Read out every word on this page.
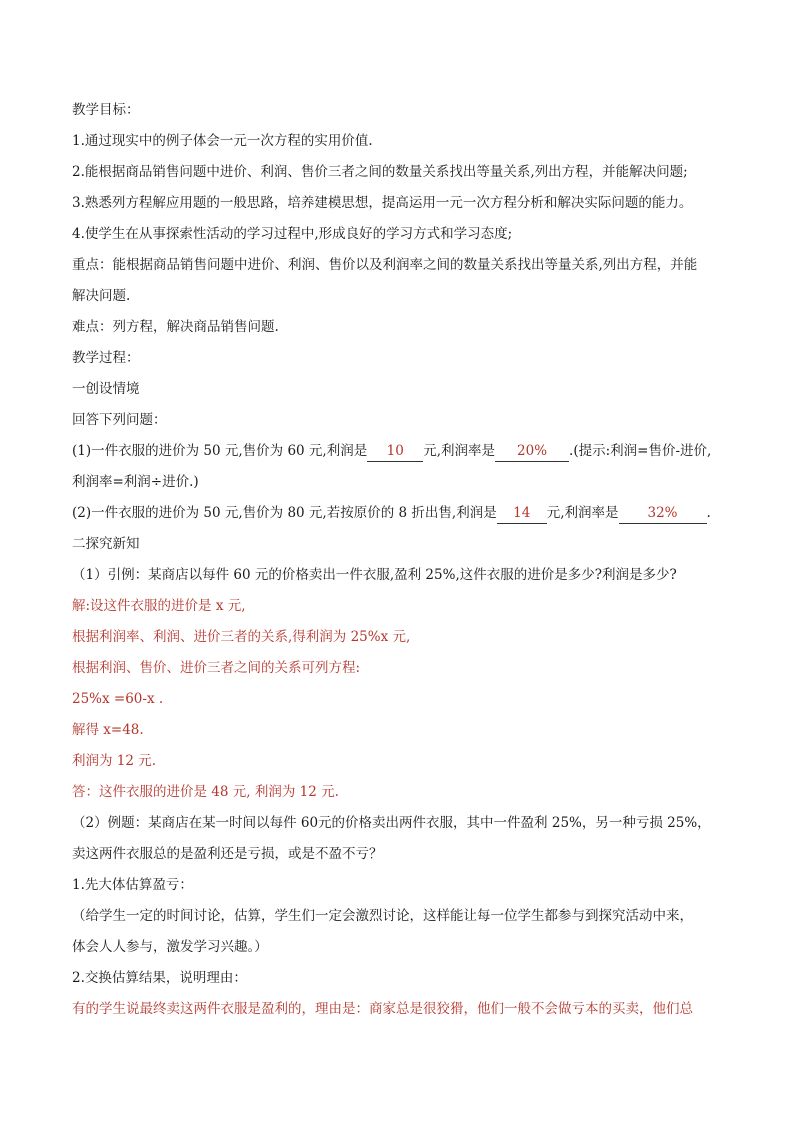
教学目标：
1.通过现实中的例子体会一元一次方程的实用价值.
2.能根据商品销售问题中进价、利润、售价三者之间的数量关系找出等量关系,列出方程，并能解决问题;
3.熟悉列方程解应用题的一般思路，培养建模思想，提高运用一元一次方程分析和解决实际问题的能力。
4.使学生在从事探索性活动的学习过程中,形成良好的学习方式和学习态度;
重点：能根据商品销售问题中进价、利润、售价以及利润率之间的数量关系找出等量关系,列出方程，并能
解决问题.
难点：列方程，解决商品销售问题.
教学过程：
一创设情境
回答下列问题：
(1)一件衣服的进价为 50 元,售价为 60 元,利润是 10 元,利润率是 20% .(提示:利润=售价-进价,
利润率=利润÷进价.)
(2)一件衣服的进价为 50 元,售价为 80 元,若按原价的 8 折出售,利润是 14 元,利润率是 32% .
二探究新知
（1）引例：某商店以每件 60 元的价格卖出一件衣服,盈利 25%,这件衣服的进价是多少?利润是多少?
解:设这件衣服的进价是 x 元,
根据利润率、利润、进价三者的关系,得利润为 25%x 元,
根据利润、售价、进价三者之间的关系可列方程:
25%x =60-x .
解得 x=48.
利润为 12 元.
答：这件衣服的进价是 48 元, 利润为 12 元.
（2）例题：某商店在某一时间以每件 60元的价格卖出两件衣服，其中一件盈利 25%，另一种亏损 25%，
卖这两件衣服总的是盈利还是亏损，或是不盈不亏？
1.先大体估算盈亏：
（给学生一定的时间讨论，估算，学生们一定会激烈讨论，这样能让每一位学生都参与到探究活动中来，
体会人人参与，激发学习兴趣。）
2.交换估算结果，说明理由：
有的学生说最终卖这两件衣服是盈利的，理由是：商家总是很狡猾，他们一般不会做亏本的买卖，他们总
